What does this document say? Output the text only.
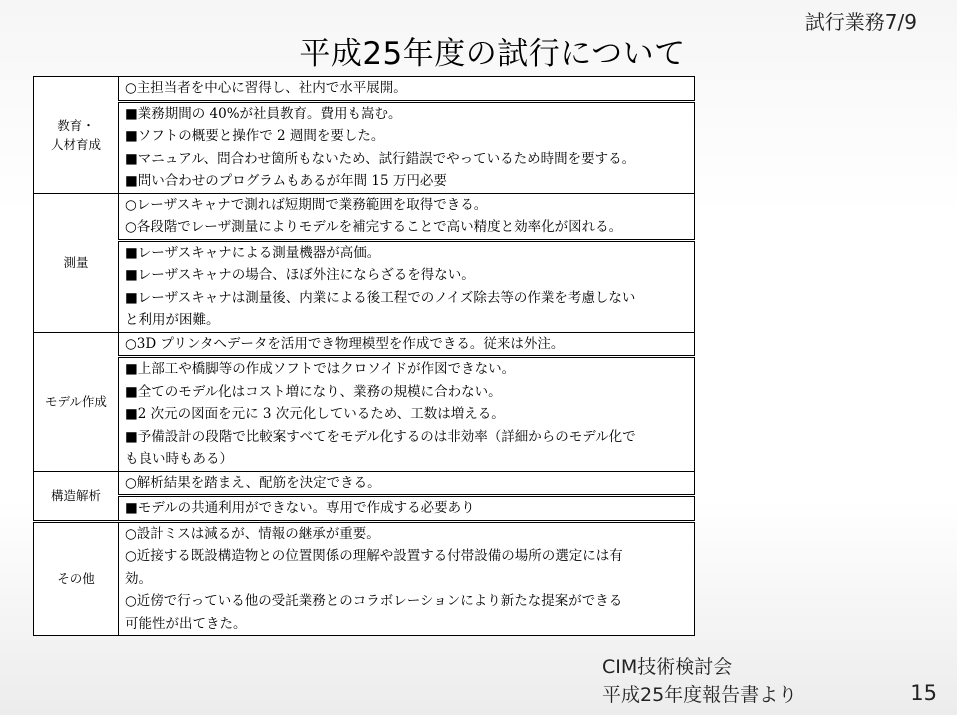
試行業務7/9
平成25年度の試行について
教育・
人材育成	○主担当者を中心に習得し、社内で水平展開。

	■業務期間の 40%が社員教育。費用も嵩む。
■ソフトの概要と操作で 2 週間を要した。
■マニュアル、問合わせ箇所もないため、試行錯誤でやっているため時間を要する。
■問い合わせのプログラムもあるが年間 15 万円必要

測量	○レーザスキャナで測れば短期間で業務範囲を取得できる。
○各段階でレーザ測量によりモデルを補完することで高い精度と効率化が図れる。

	■レーザスキャナによる測量機器が高価。
■レーザスキャナの場合、ほぼ外注にならざるを得ない。
■レーザスキャナは測量後、内業による後工程でのノイズ除去等の作業を考慮しない
と利用が困難。

モデル作成	○3D プリンタへデータを活用でき物理模型を作成できる。従来は外注。

	■上部工や橋脚等の作成ソフトではクロソイドが作図できない。
■全てのモデル化はコスト増になり、業務の規模に合わない。
■2 次元の図面を元に 3 次元化しているため、工数は増える。
■予備設計の段階で比較案すべてをモデル化するのは非効率（詳細からのモデル化で
も良い時もある）

構造解析	○解析結果を踏まえ、配筋を決定できる。

	■モデルの共通利用ができない。専用で作成する必要あり

その他	○設計ミスは減るが、情報の継承が重要。
○近接する既設構造物との位置関係の理解や設置する付帯設備の場所の選定には有
効。
○近傍で行っている他の受託業務とのコラボレーションにより新たな提案ができる
可能性が出てきた。
CIM技術検討会
平成25年度報告書より	15
